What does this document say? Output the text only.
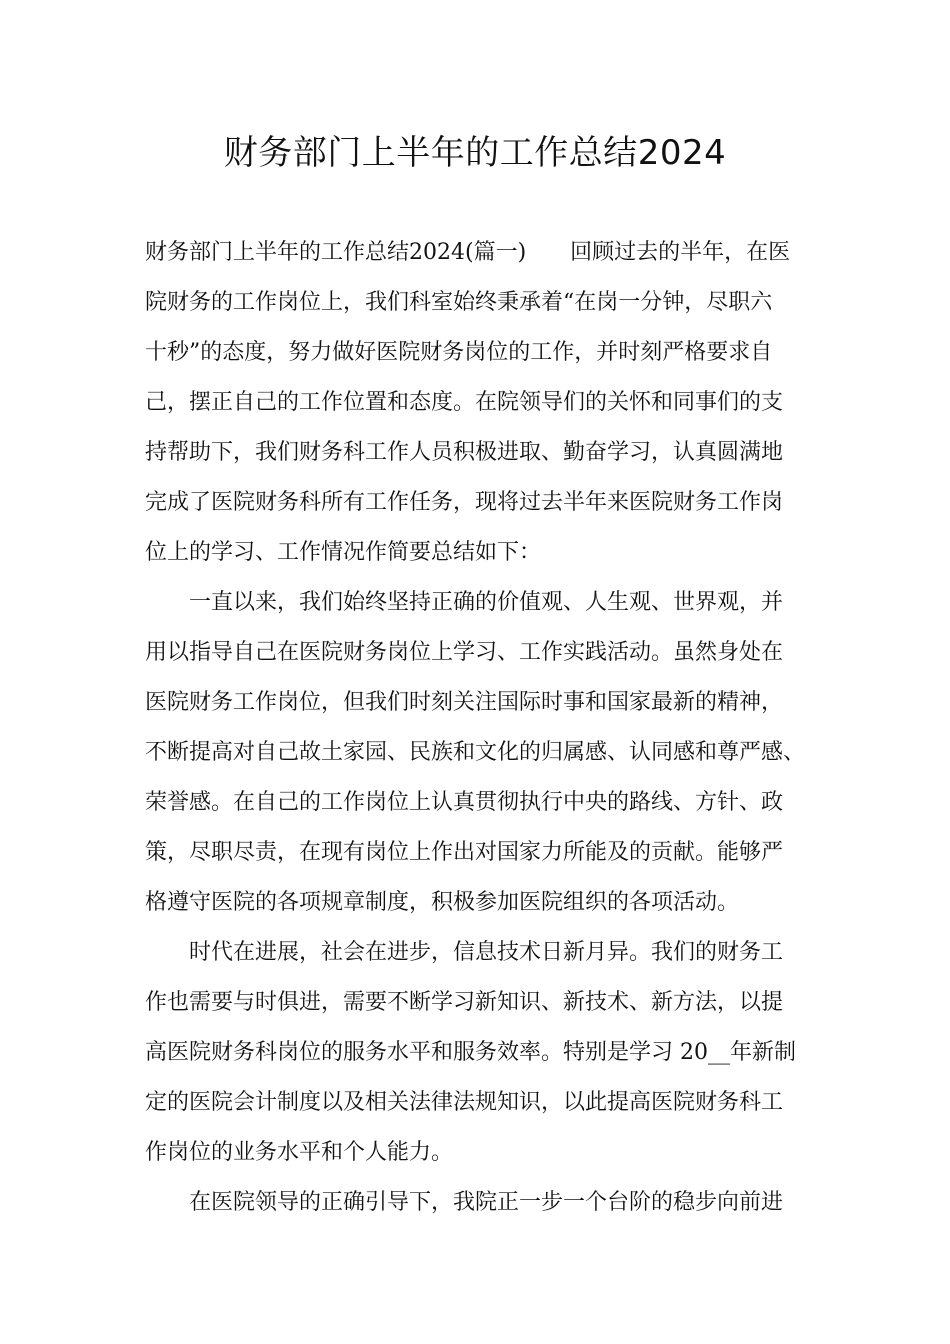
财务部门上半年的工作总结2024

财务部门上半年的工作总结2024(篇一)　　回顾过去的半年，在医
院财务的工作岗位上，我们科室始终秉承着“在岗一分钟，尽职六
十秒”的态度，努力做好医院财务岗位的工作，并时刻严格要求自
己，摆正自己的工作位置和态度。在院领导们的关怀和同事们的支
持帮助下，我们财务科工作人员积极进取、勤奋学习，认真圆满地
完成了医院财务科所有工作任务，现将过去半年来医院财务工作岗
位上的学习、工作情况作简要总结如下：

一直以来，我们始终坚持正确的价值观、人生观、世界观，并
用以指导自己在医院财务岗位上学习、工作实践活动。虽然身处在
医院财务工作岗位，但我们时刻关注国际时事和国家最新的精神，
不断提高对自己故土家园、民族和文化的归属感、认同感和尊严感、
荣誉感。在自己的工作岗位上认真贯彻执行中央的路线、方针、政
策，尽职尽责，在现有岗位上作出对国家力所能及的贡献。能够严
格遵守医院的各项规章制度，积极参加医院组织的各项活动。

时代在进展，社会在进步，信息技术日新月异。我们的财务工
作也需要与时俱进，需要不断学习新知识、新技术、新方法，以提
高医院财务科岗位的服务水平和服务效率。特别是学习 20__年新制
定的医院会计制度以及相关法律法规知识，以此提高医院财务科工
作岗位的业务水平和个人能力。

在医院领导的正确引导下，我院正一步一个台阶的稳步向前进
